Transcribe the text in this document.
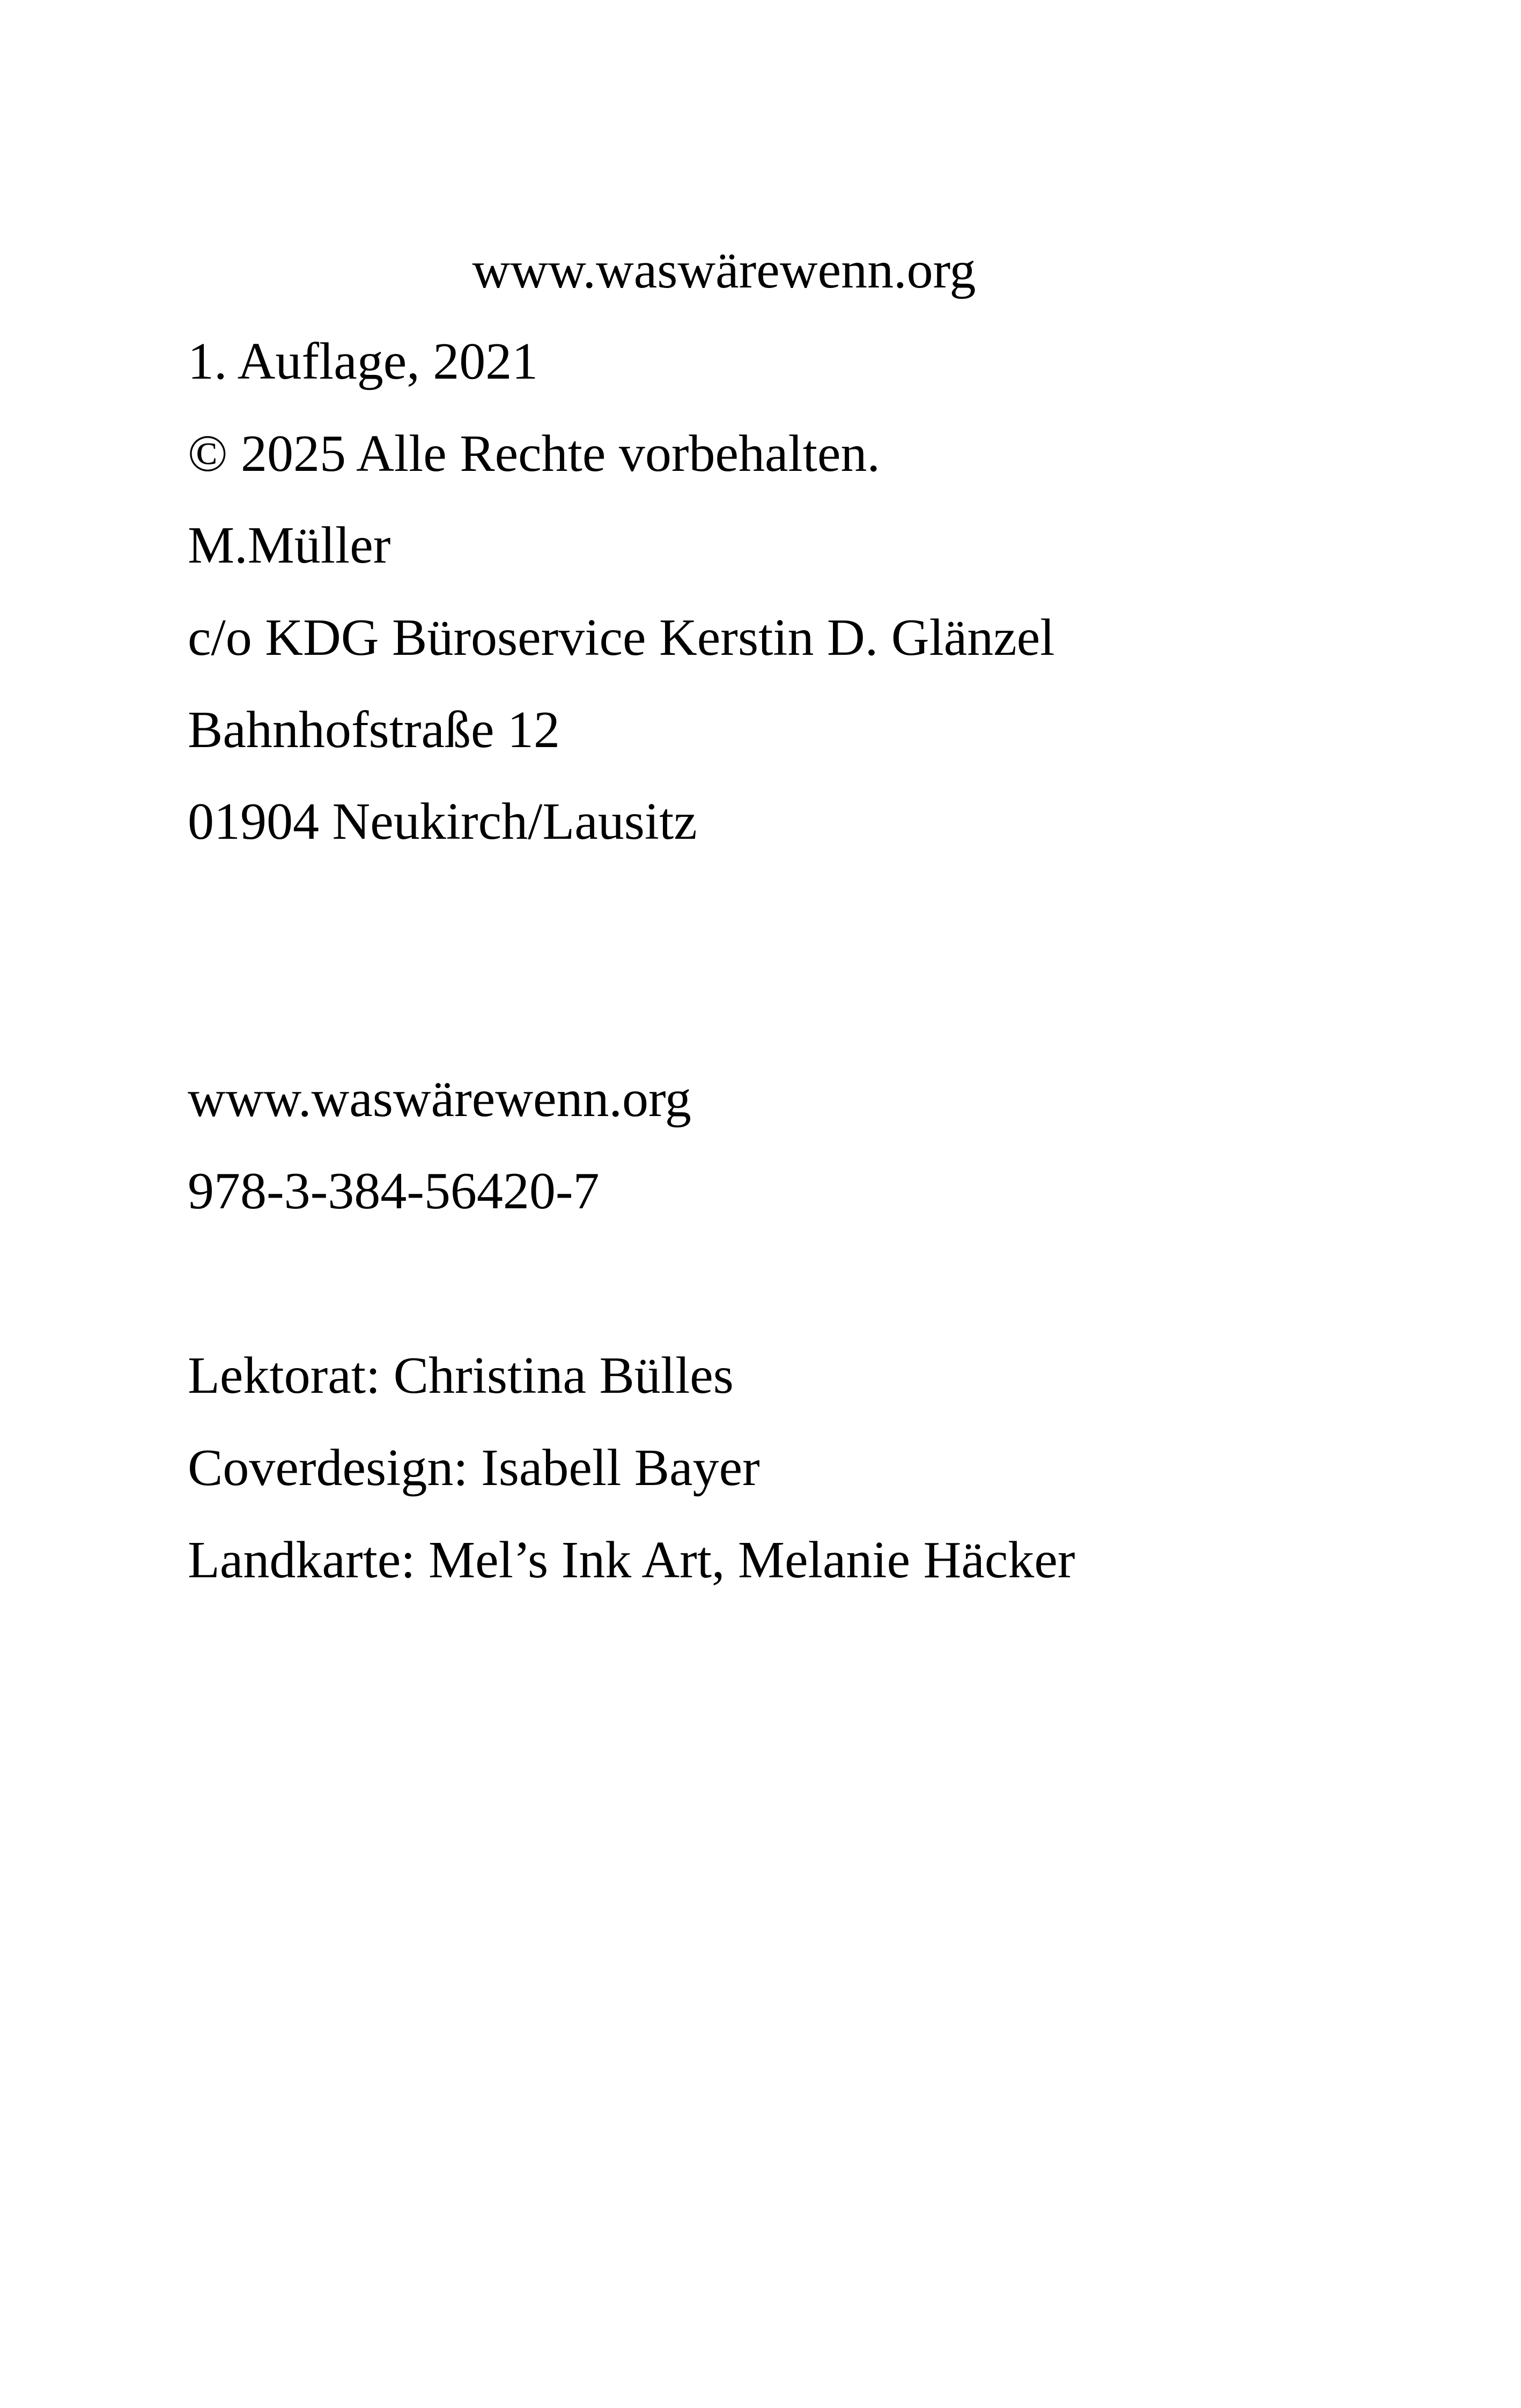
www.waswärewenn.org
1. Auflage, 2021
© 2025 Alle Rechte vorbehalten.
M.Müller
c/o KDG Büroservice Kerstin D. Glänzel
Bahnhofstraße 12
01904 Neukirch/Lausitz
www.waswärewenn.org
978-3-384-56420-7
Lektorat: Christina Bülles
Coverdesign: Isabell Bayer
Landkarte: Mel’s Ink Art, Melanie Häcker
